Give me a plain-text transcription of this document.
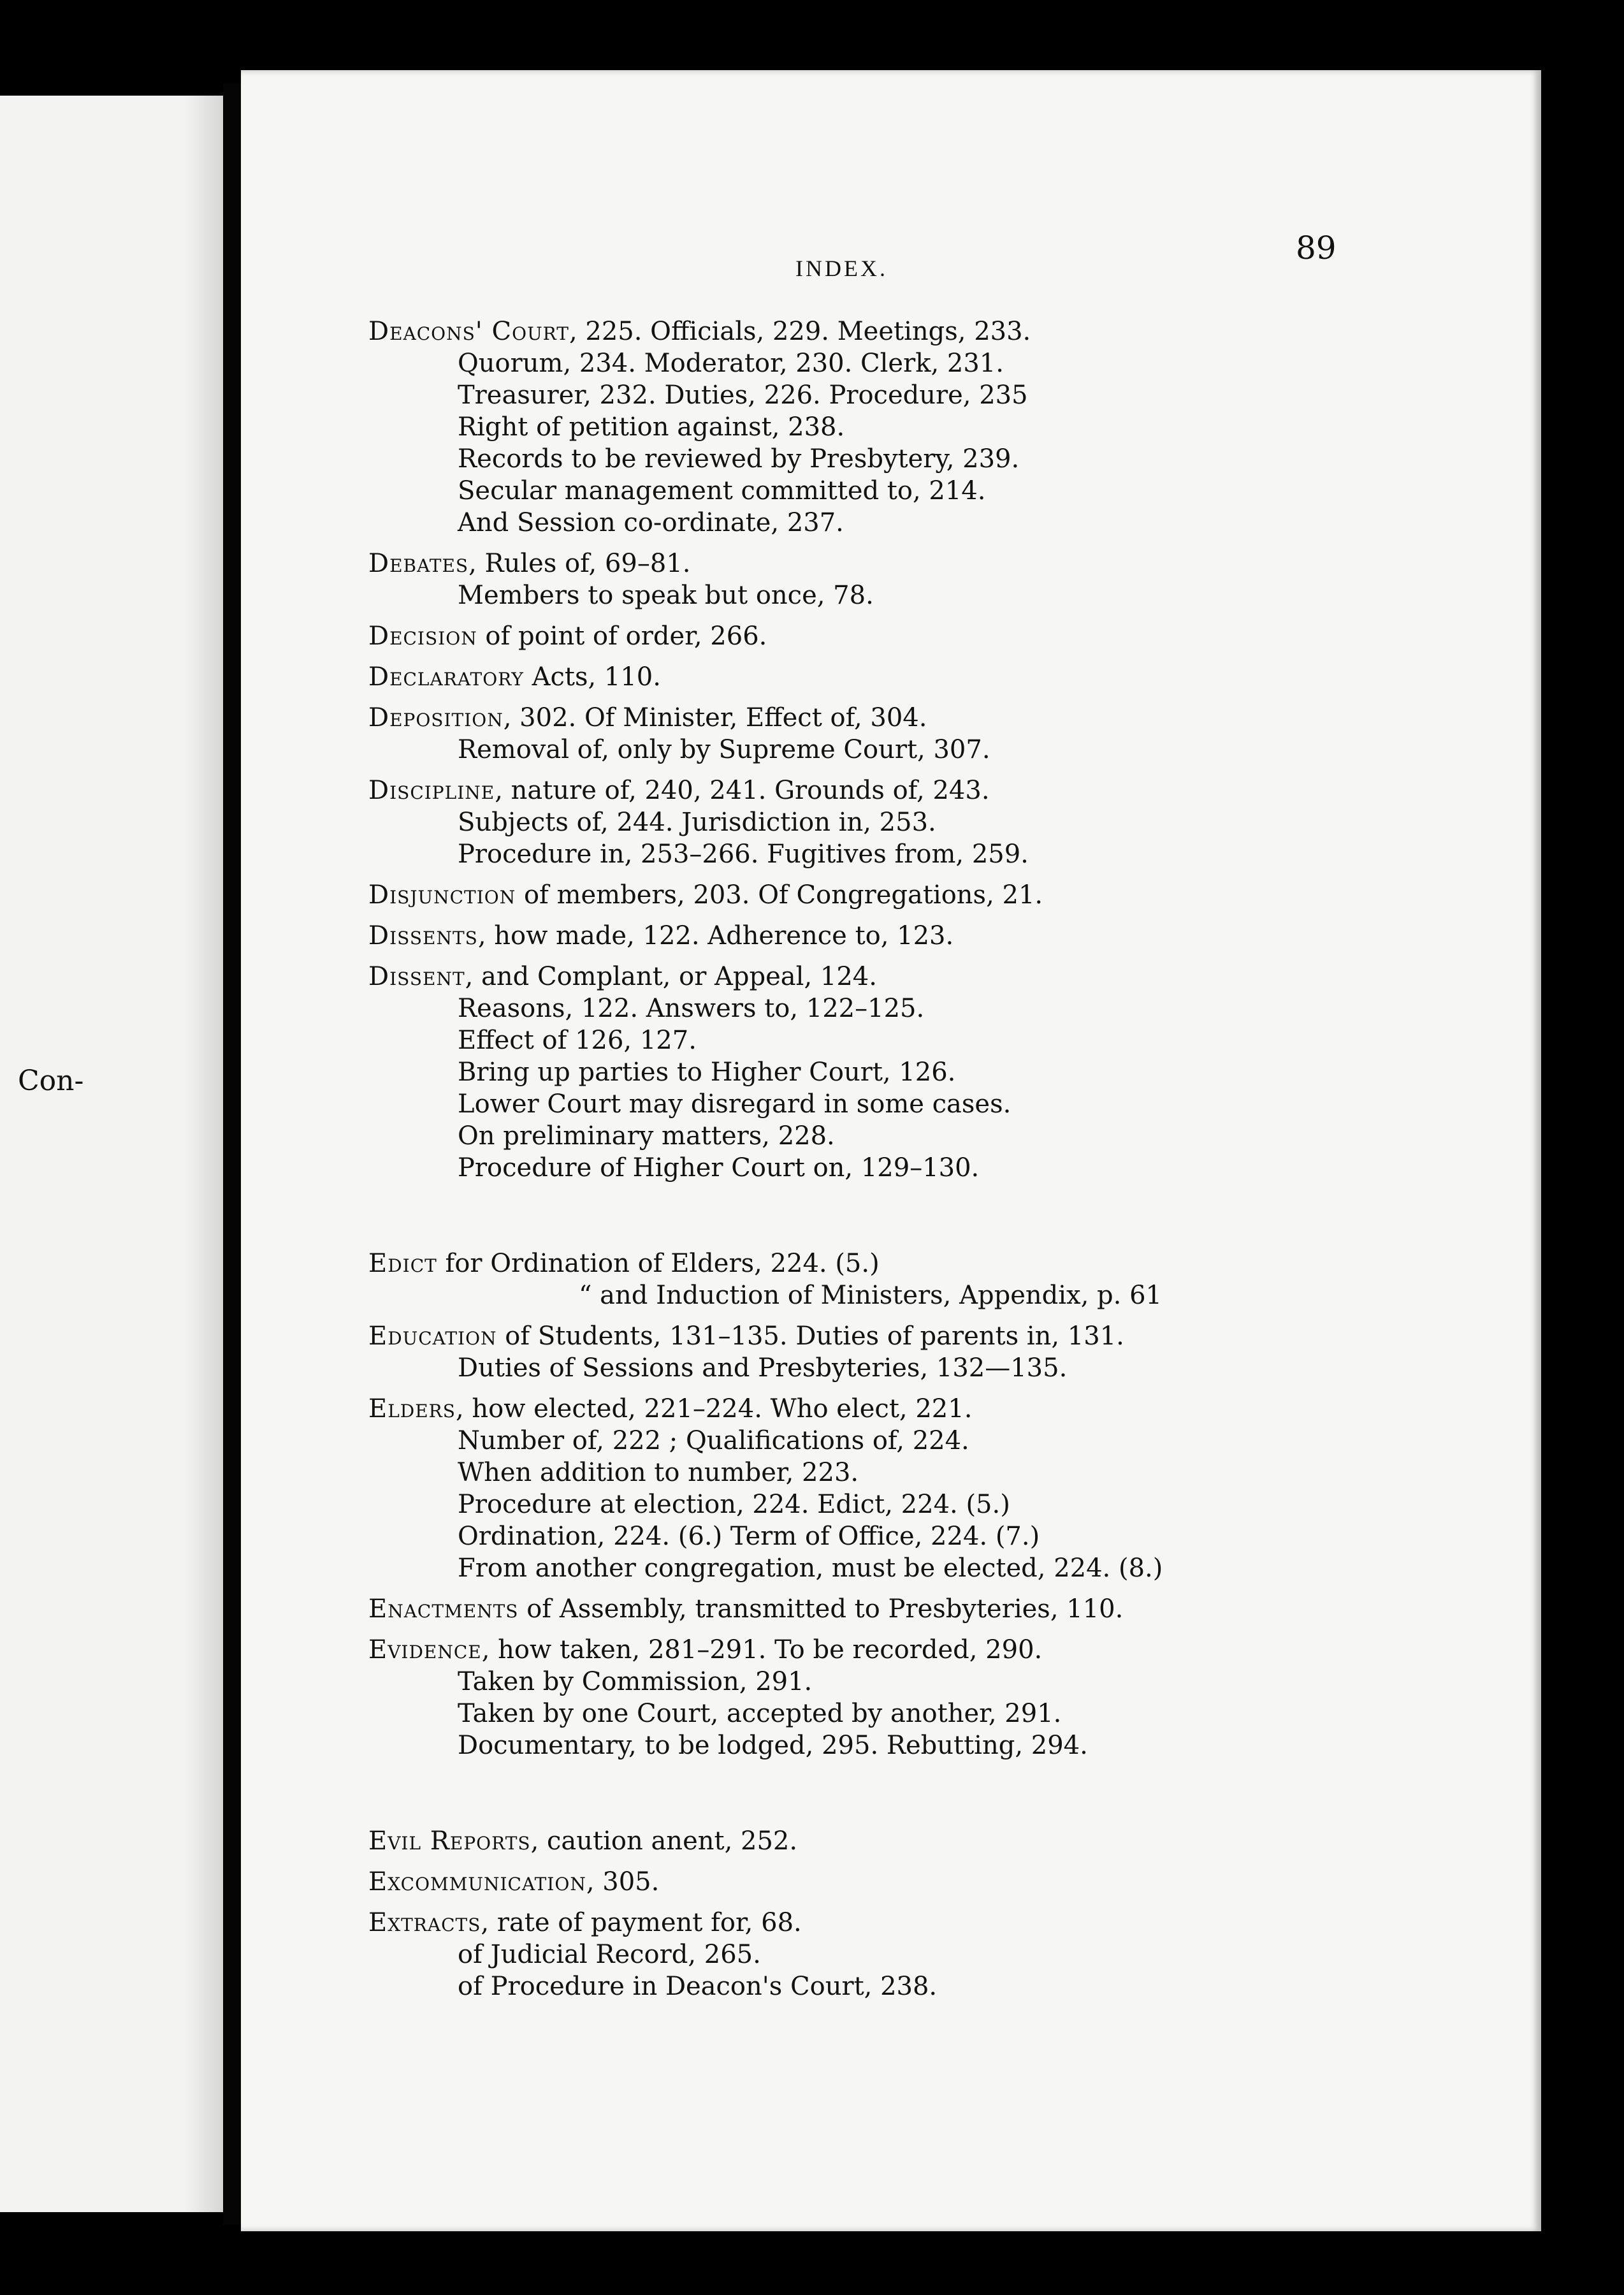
Con-
INDEX.
89
Deacons' Court, 225. Officials, 229. Meetings, 233.
Quorum, 234. Moderator, 230. Clerk, 231.
Treasurer, 232. Duties, 226. Procedure, 235
Right of petition against, 238.
Records to be reviewed by Presbytery, 239.
Secular management committed to, 214.
And Session co-ordinate, 237.
Debates, Rules of, 69–81.
Members to speak but once, 78.
Decision of point of order, 266.
Declaratory Acts, 110.
Deposition, 302. Of Minister, Effect of, 304.
Removal of, only by Supreme Court, 307.
Discipline, nature of, 240, 241. Grounds of, 243.
Subjects of, 244. Jurisdiction in, 253.
Procedure in, 253–266. Fugitives from, 259.
Disjunction of members, 203. Of Congregations, 21.
Dissents, how made, 122. Adherence to, 123.
Dissent, and Complant, or Appeal, 124.
Reasons, 122. Answers to, 122–125.
Effect of 126, 127.
Bring up parties to Higher Court, 126.
Lower Court may disregard in some cases.
On preliminary matters, 228.
Procedure of Higher Court on, 129–130.
Edict for Ordination of Elders, 224. (5.)
“ and Induction of Ministers, Appendix, p. 61
Education of Students, 131–135. Duties of parents in, 131.
Duties of Sessions and Presbyteries, 132—135.
Elders, how elected, 221–224. Who elect, 221.
Number of, 222 ; Qualifications of, 224.
When addition to number, 223.
Procedure at election, 224. Edict, 224. (5.)
Ordination, 224. (6.) Term of Office, 224. (7.)
From another congregation, must be elected, 224. (8.)
Enactments of Assembly, transmitted to Presbyteries, 110.
Evidence, how taken, 281–291. To be recorded, 290.
Taken by Commission, 291.
Taken by one Court, accepted by another, 291.
Documentary, to be lodged, 295. Rebutting, 294.
Evil Reports, caution anent, 252.
Excommunication, 305.
Extracts, rate of payment for, 68.
of Judicial Record, 265.
of Procedure in Deacon's Court, 238.
